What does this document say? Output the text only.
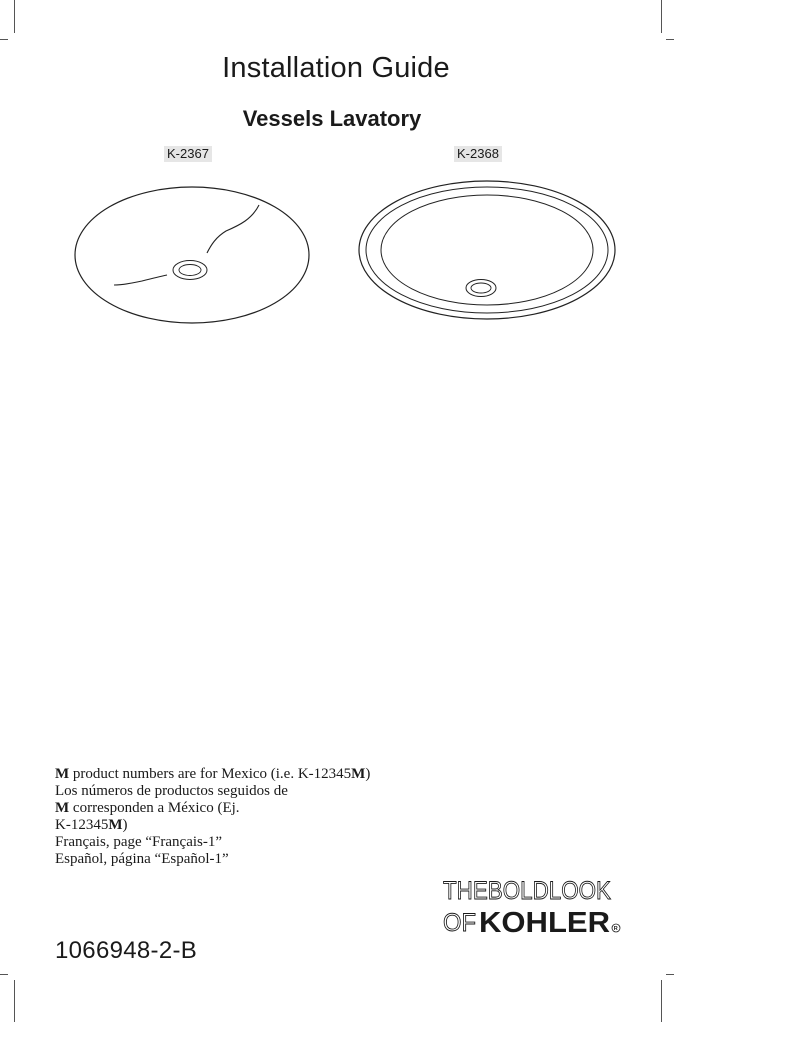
Installation Guide
Vessels Lavatory
K-2367	K-2368
M product numbers are for Mexico (i.e. K-12345M)
Los números de productos seguidos de
M corresponden a México (Ej.
K-12345M)
Français, page “Français-1”
Español, página “Español-1”
THEBOLDLOOK
OF KOHLER R
1066948-2-B
